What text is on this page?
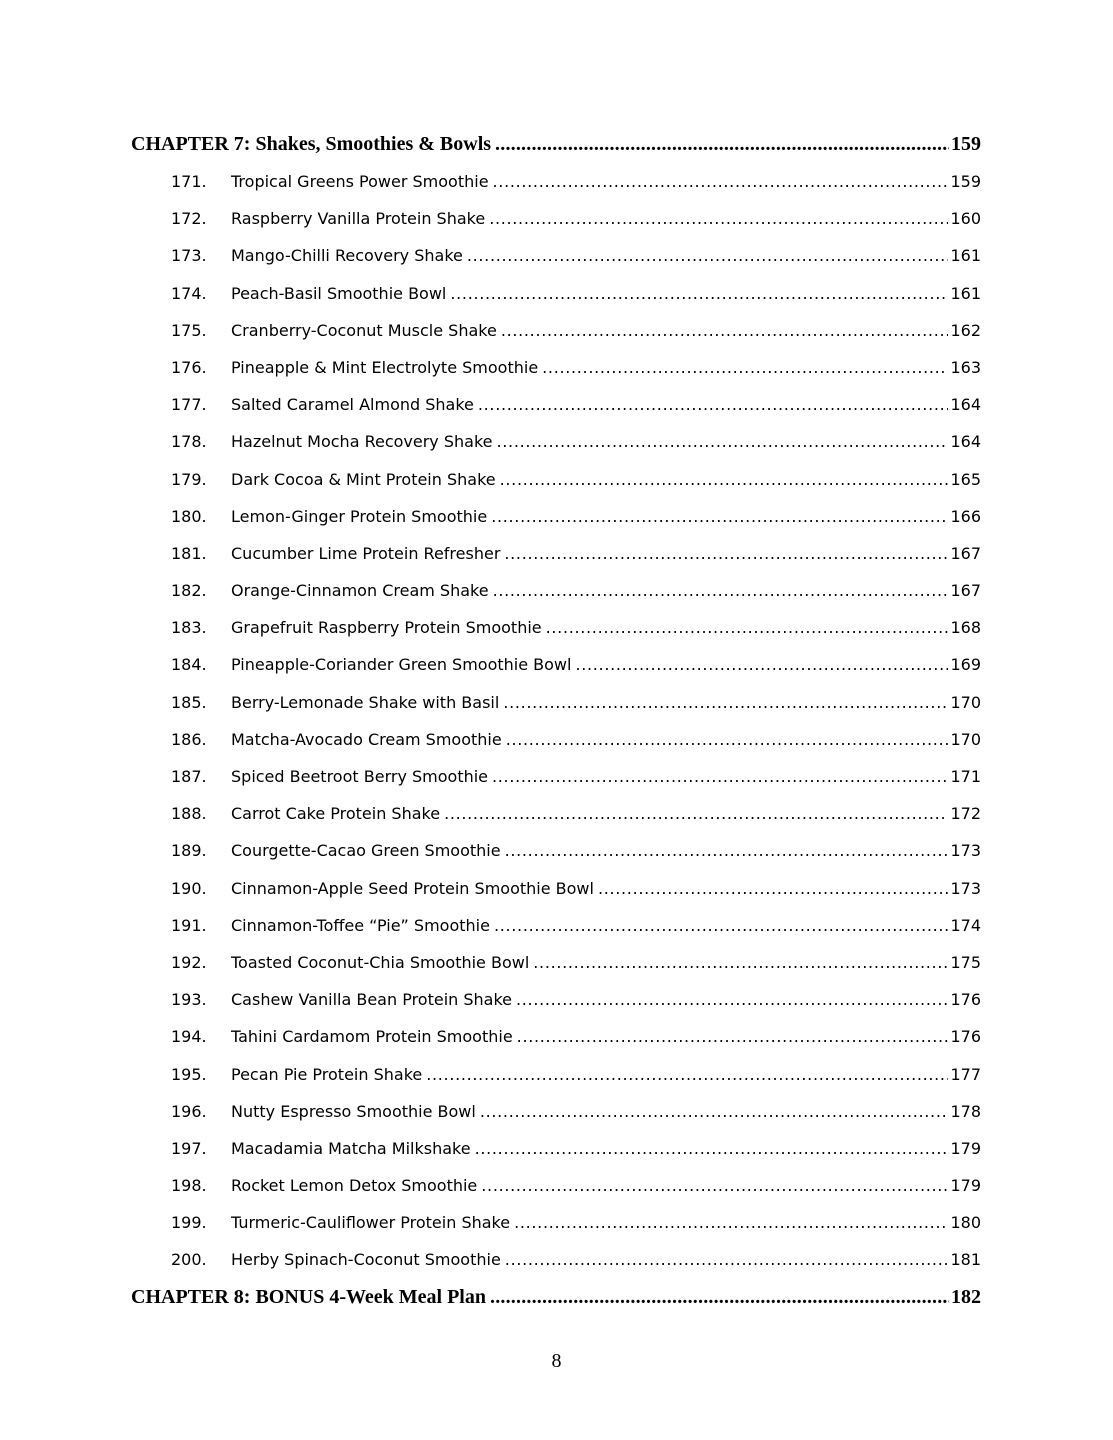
CHAPTER 7: Shakes, Smoothies & Bowls . . .	159
171.	Tropical Greens Power Smoothie . . .	159
172.	Raspberry Vanilla Protein Shake . . .	160
173.	Mango-Chilli Recovery Shake . . .	161
174.	Peach-Basil Smoothie Bowl . . .	161
175.	Cranberry-Coconut Muscle Shake . . .	162
176.	Pineapple & Mint Electrolyte Smoothie . . .	163
177.	Salted Caramel Almond Shake . . .	164
178.	Hazelnut Mocha Recovery Shake . . .	164
179.	Dark Cocoa & Mint Protein Shake . . .	165
180.	Lemon-Ginger Protein Smoothie . . .	166
181.	Cucumber Lime Protein Refresher . . .	167
182.	Orange-Cinnamon Cream Shake . . .	167
183.	Grapefruit Raspberry Protein Smoothie . . .	168
184.	Pineapple-Coriander Green Smoothie Bowl . . .	169
185.	Berry-Lemonade Shake with Basil . . .	170
186.	Matcha-Avocado Cream Smoothie . . .	170
187.	Spiced Beetroot Berry Smoothie . . .	171
188.	Carrot Cake Protein Shake . . .	172
189.	Courgette-Cacao Green Smoothie . . .	173
190.	Cinnamon-Apple Seed Protein Smoothie Bowl . . .	173
191.	Cinnamon-Toffee “Pie” Smoothie . . .	174
192.	Toasted Coconut-Chia Smoothie Bowl . . .	175
193.	Cashew Vanilla Bean Protein Shake . . .	176
194.	Tahini Cardamom Protein Smoothie . . .	176
195.	Pecan Pie Protein Shake . . .	177
196.	Nutty Espresso Smoothie Bowl . . .	178
197.	Macadamia Matcha Milkshake . . .	179
198.	Rocket Lemon Detox Smoothie . . .	179
199.	Turmeric-Cauliflower Protein Shake . . .	180
200.	Herby Spinach-Coconut Smoothie . . .	181
CHAPTER 8: BONUS 4-Week Meal Plan . . .	182
8
